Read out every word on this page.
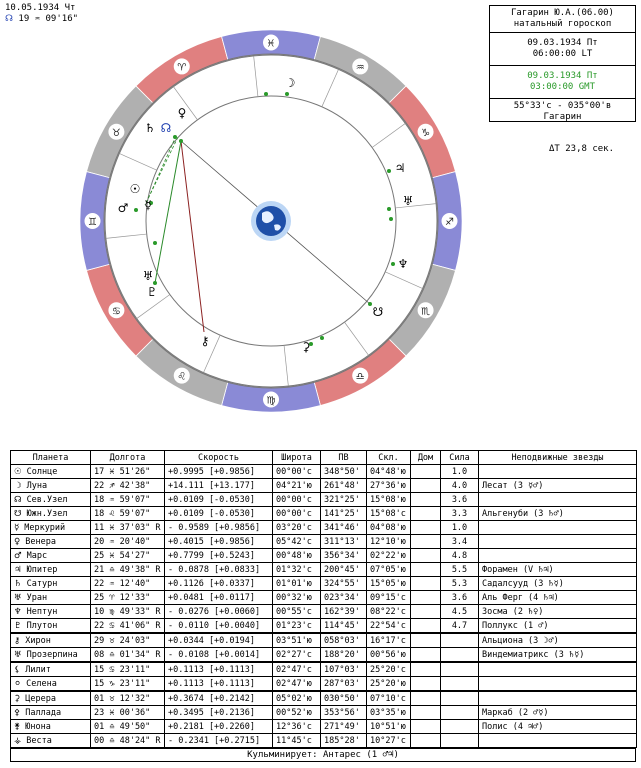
10.05.1934 Чт
☊ 19 ♒ 09'16"
Гагарин Ю.А.(06.00)
натальный гороскоп
09.03.1934 Пт
06:00:00 LT
09.03.1934 Пт
03:00:00 GMT
55°33'с - 035°00'в
Гагарин
ΔT 23,8 сек.
♉
♈
♓
♒
♑
♐
♏
♎
♍
♌
♋
♊
♄ ☊
♀
⚷
☽
♃
♅
♇
♆
☋
⚳
☉
♂	♅
☿
Планета	Долгота	Скорость	Широта	ПВ	Скл.	Дом	Сила	Неподвижные звезды
☉ Солнце	17 ♓ 51'26"	+0.9995 [+0.9856]	00°00'с	348°50'	04°48'ю		1.0	
☽ Луна	22 ♐ 42'38"	+14.111 [+13.177]	04°21'ю	261°48'	27°36'ю		4.0	Лесат (3 ☿♂)
☊ Сев.Узел	18 ♒ 59'07"	+0.0109 [-0.0530]	00°00'с	321°25'	15°08'ю		3.6	
☋ Южн.Узел	18 ♌ 59'07"	+0.0109 [-0.0530]	00°00'с	141°25'	15°08'с		3.3	Альгенуби (3 ♄♂)
☿ Меркурий	11 ♓ 37'03" R	- 0.9589 [+0.9856]	03°20'с	341°46'	04°08'ю		1.0	
♀ Венера	20 ♒ 20'40"	+0.4015 [+0.9856]	05°42'с	311°13'	12°10'ю		3.4	
♂ Марс	25 ♓ 54'27"	+0.7799 [+0.5243]	00°48'ю	356°34'	02°22'ю		4.8	
♃ Юпитер	21 ♎ 49'38" R	- 0.0878 [+0.0833]	01°32'с	200°45'	07°05'ю		5.5	Форамен (V ♄♃)
♄ Сатурн	22 ♒ 12'40"	+0.1126 [+0.0337]	01°01'ю	324°55'	15°05'ю		5.3	Садалсууд (3 ♄☿)
♅ Уран	25 ♈ 12'33"	+0.0481 [+0.0117]	00°32'ю	023°34'	09°15'с		3.6	Аль Ферг (4 ♄♃)
♆ Нептун	10 ♍ 49'33" R	- 0.0276 [+0.0060]	00°55'с	162°39'	08°22'с		4.5	Зосма (2 ♄♀)
♇ Плутон	22 ♋ 41'06" R	- 0.0110 [+0.0040]	01°23'с	114°45'	22°54'с		4.7	Поллукс (1 ♂)
⚷ Хирон	29 ♉ 24'03"	+0.0344 [+0.0194]	03°51'ю	058°03'	16°17'с			Альциона (3 ☽♂)
♅ Прозерпина	08 ♎ 01'34" R	- 0.0108 [+0.0014]	02°27'с	188°20'	00°56'ю			Виндемиатрикс (3 ♄☿)
⚸ Лилит	15 ♋ 23'11"	+0.1113 [+0.1113]	02°47'с	107°03'	25°20'с			
⚪ Селена	15 ♑ 23'11"	+0.1113 [+0.1113]	02°47'ю	287°03'	25°20'ю			
⚳ Церера	01 ♉ 12'32"	+0.3674 [+0.2142]	05°02'ю	030°50'	07°10'с			
⚴ Паллада	23 ♓ 00'36"	+0.3495 [+0.2136]	00°52'ю	353°56'	03°35'ю			Маркаб (2 ♂☿)
⚵ Юнона	01 ♎ 49'50"	+0.2181 [+0.2260]	12°36'с	271°49'	10°51'ю			Полис (4 ♃♂)
⚶ Веста	00 ♎ 48'24" R	- 0.2341 [+0.2715]	11°45'с	185°28'	10°27'с			
Кульминирует: Антарес (1 ♂♃)
